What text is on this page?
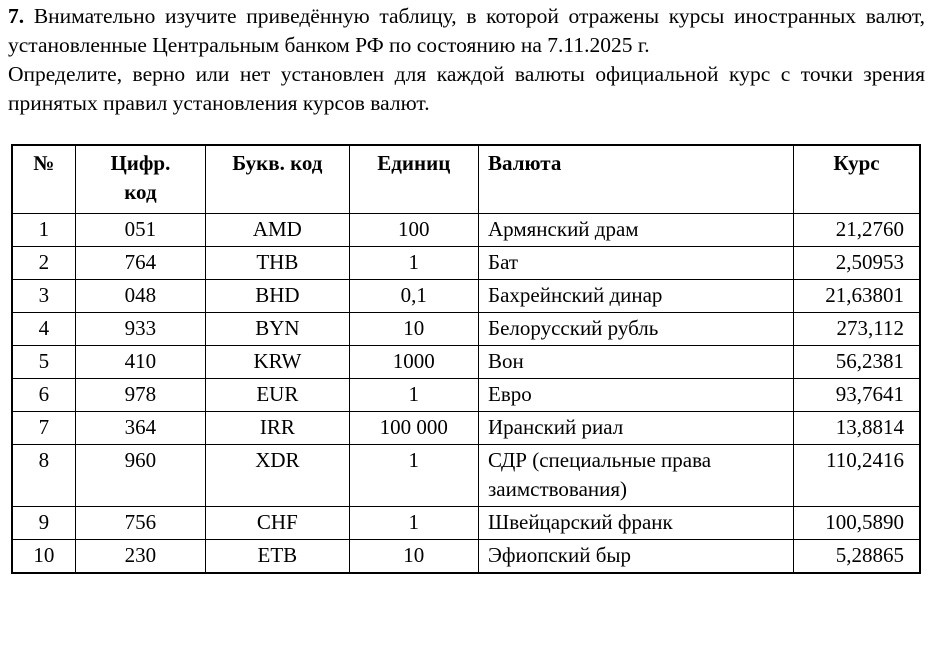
7. Внимательно изучите приведённую таблицу, в которой отражены курсы иностранных валют, установленные Центральным банком РФ по состоянию на 7.11.2025 г.

Определите, верно или нет установлен для каждой валюты официальной курс с точки зрения принятых правил установления курсов валют.

№	Цифр. код	Букв. код	Единиц	Валюта	Курс
1	051	AMD	100	Армянский драм	21,2760
2	764	THB	1	Бат	2,50953
3	048	BHD	0,1	Бахрейнский динар	21,63801
4	933	BYN	10	Белорусский рубль	273,112
5	410	KRW	1000	Вон	56,2381
6	978	EUR	1	Евро	93,7641
7	364	IRR	100 000	Иранский риал	13,8814
8	960	XDR	1	СДР (специальные права заимствования)	110,2416
9	756	CHF	1	Швейцарский франк	100,5890
10	230	ETB	10	Эфиопский быр	5,28865
